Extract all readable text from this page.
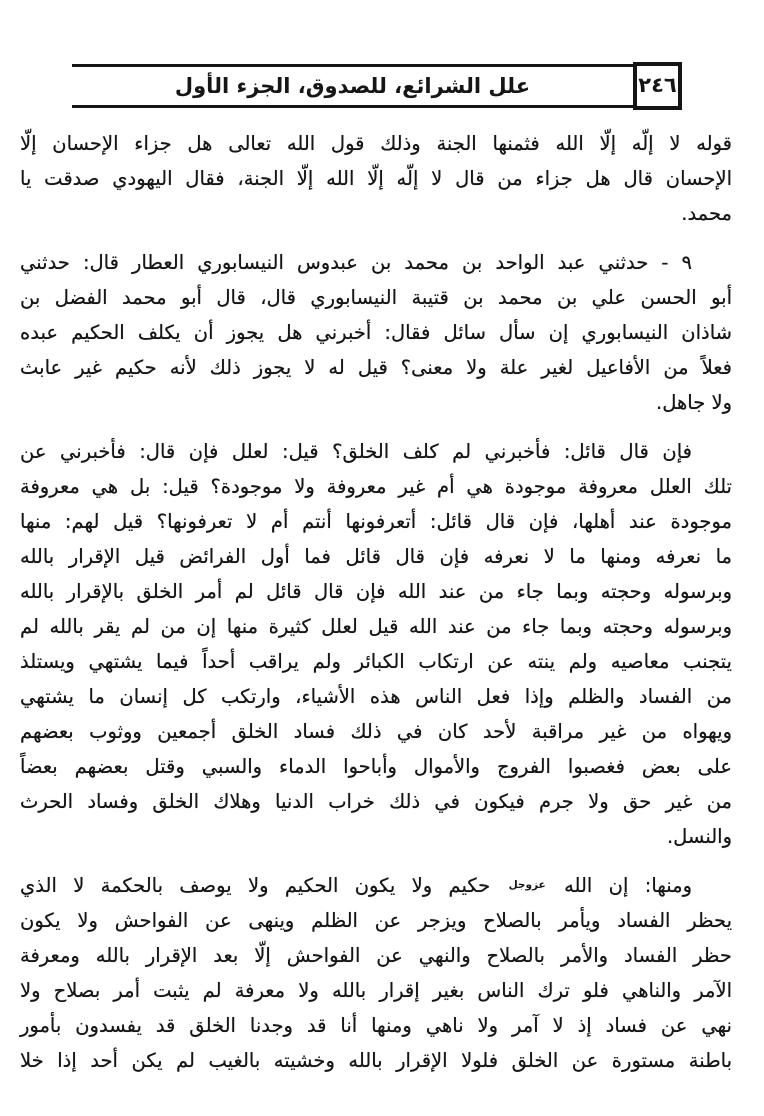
علل الشرائع، للصدوق، الجزء الأول	٢٤٦
قوله لا إلّه إلّا الله فثمنها الجنة وذلك قول الله تعالى هل جزاء الإحسان إلّا
الإحسان قال هل جزاء من قال لا إلّه إلّا الله إلّا الجنة، فقال اليهودي صدقت يا
محمد.
٩ - حدثني عبد الواحد بن محمد بن عبدوس النيسابوري العطار قال: حدثني
أبو الحسن علي بن محمد بن قتيبة النيسابوري قال، قال أبو محمد الفضل بن
شاذان النيسابوري إن سأل سائل فقال: أخبرني هل يجوز أن يكلف الحكيم عبده
فعلاً من الأفاعيل لغير علة ولا معنى؟ قيل له لا يجوز ذلك لأنه حكيم غير عابث
ولا جاهل.
فإن قال قائل: فأخبرني لم كلف الخلق؟ قيل: لعلل فإن قال: فأخبرني عن
تلك العلل معروفة موجودة هي أم غير معروفة ولا موجودة؟ قيل: بل هي معروفة
موجودة عند أهلها، فإن قال قائل: أتعرفونها أنتم أم لا تعرفونها؟ قيل لهم: منها
ما نعرفه ومنها ما لا نعرفه فإن قال قائل فما أول الفرائض قيل الإقرار بالله
وبرسوله وحجته وبما جاء من عند الله فإن قال قائل لم أمر الخلق بالإقرار بالله
وبرسوله وحجته وبما جاء من عند الله قيل لعلل كثيرة منها إن من لم يقر بالله لم
يتجنب معاصيه ولم ينته عن ارتكاب الكبائر ولم يراقب أحداً فيما يشتهي ويستلذ
من الفساد والظلم وإذا فعل الناس هذه الأشياء، وارتكب كل إنسان ما يشتهي
ويهواه من غير مراقبة لأحد كان في ذلك فساد الخلق أجمعين ووثوب بعضهم
على بعض فغصبوا الفروج والأموال وأباحوا الدماء والسبي وقتل بعضهم بعضاً
من غير حق ولا جرم فيكون في ذلك خراب الدنيا وهلاك الخلق وفساد الحرث
والنسل.
ومنها: إن الله عزوجل حكيم ولا يكون الحكيم ولا يوصف بالحكمة لا الذي
يحظر الفساد ويأمر بالصلاح ويزجر عن الظلم وينهى عن الفواحش ولا يكون
حظر الفساد والأمر بالصلاح والنهي عن الفواحش إلّا بعد الإقرار بالله ومعرفة
الآمر والناهي فلو ترك الناس بغير إقرار بالله ولا معرفة لم يثبت أمر بصلاح ولا
نهي عن فساد إذ لا آمر ولا ناهي ومنها أنا قد وجدنا الخلق قد يفسدون بأمور
باطنة مستورة عن الخلق فلولا الإقرار بالله وخشيته بالغيب لم يكن أحد إذا خلا
